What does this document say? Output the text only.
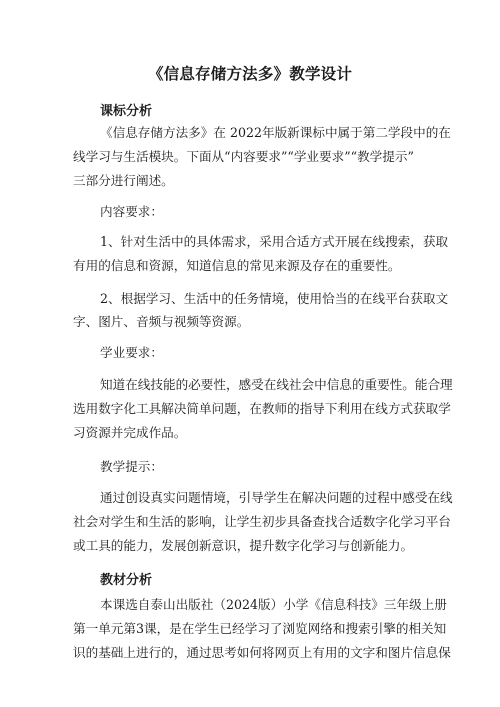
《信息存储方法多》教学设计
课标分析
《信息存储方法多》在 2022年版新课标中属于第二学段中的在
线学习与生活模块。下面从“内容要求”“学业要求”“教学提示”
三部分进行阐述。
内容要求：
1、针对生活中的具体需求，采用合适方式开展在线搜索，获取
有用的信息和资源，知道信息的常见来源及存在的重要性。
2、根据学习、生活中的任务情境，使用恰当的在线平台获取文
字、图片、音频与视频等资源。
学业要求：
知道在线技能的必要性，感受在线社会中信息的重要性。能合理
选用数字化工具解决简单问题，在教师的指导下利用在线方式获取学
习资源并完成作品。
教学提示：
通过创设真实问题情境，引导学生在解决问题的过程中感受在线
社会对学生和生活的影响，让学生初步具备查找合适数字化学习平台
或工具的能力，发展创新意识，提升数字化学习与创新能力。
教材分析
本课选自泰山出版社（2024版）小学《信息科技》三年级上册
第一单元第3课，是在学生已经学习了浏览网络和搜索引擎的相关知
识的基础上进行的，通过思考如何将网页上有用的文字和图片信息保
